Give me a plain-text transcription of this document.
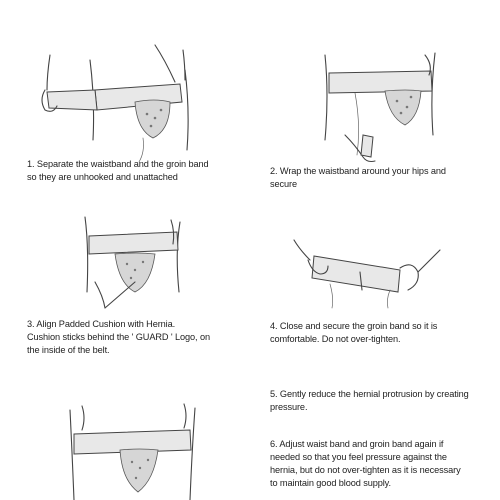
1. Separate the waistband and the groin band
so they are unhooked and unattached
2. Wrap the waistband around your hips and
secure
3. Align Padded Cushion with Hernia.
Cushion sticks behind the ' GUARD ' Logo, on
the inside of the belt.
4. Close and secure the groin band so it is
comfortable. Do not over-tighten.
5. Gently reduce the hernial protrusion by creating
pressure.
6. Adjust waist band and groin band again if
needed so that you feel pressure against the
hernia, but do not over-tighten as it is necessary
to maintain good blood supply.
